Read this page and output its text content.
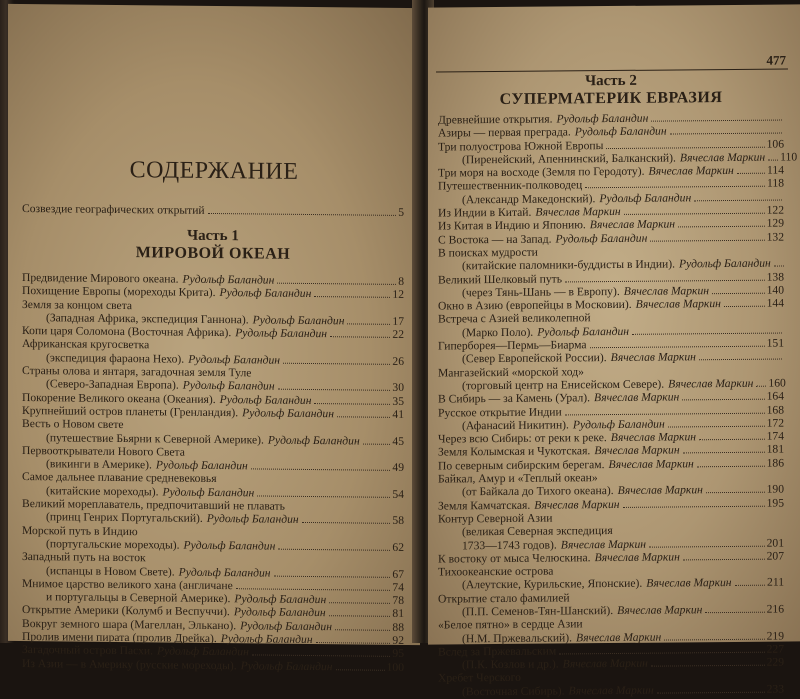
СОДЕРЖАНИЕ
Созвездие географических открытий	5
Часть 1
МИРОВОЙ ОКЕАН
Предвидение Мирового океана. Рудольф Баландин	8
Похищение Европы (мореходы Крита). Рудольф Баландин	12
Земля за концом света
(Западная Африка, экспедиция Ганнона). Рудольф Баландин	17
Копи царя Соломона (Восточная Африка). Рудольф Баландин	22
Африканская кругосветка
(экспедиция фараона Нехо). Рудольф Баландин	26
Страны олова и янтаря, загадочная земля Туле
(Северо-Западная Европа). Рудольф Баландин	30
Покорение Великого океана (Океания). Рудольф Баландин	35
Крупнейший остров планеты (Гренландия). Рудольф Баландин	41
Весть о Новом свете
(путешествие Бьярни к Северной Америке). Рудольф Баландин	45
Первооткрыватели Нового Света
(викинги в Америке). Рудольф Баландин	49
Самое дальнее плавание средневековья
(китайские мореходы). Рудольф Баландин	54
Великий мореплаватель, предпочитавший не плавать
(принц Генрих Португальский). Рудольф Баландин	58
Морской путь в Индию
(португальские мореходы). Рудольф Баландин	62
Западный путь на восток
(испанцы в Новом Свете). Рудольф Баландин	67
Мнимое царство великого хана (англичане	74
и португальцы в Северной Америке). Рудольф Баландин	78
Открытие Америки (Колумб и Веспуччи). Рудольф Баландин	81
Вокруг земного шара (Магеллан, Элькано). Рудольф Баландин	88
Пролив имени пирата (пролив Дрейка). Рудольф Баландин	92
Загадочный остров Пасхи. Рудольф Баландин	95
Из Азии — в Америку (русские мореходы). Рудольф Баландин	100
477
Часть 2
СУПЕРМАТЕРИК ЕВРАЗИЯ
Древнейшие открытия. Рудольф Баландин
Азиры — первая преграда. Рудольф Баландин
Три полуострова Южной Европы	106
(Пиренейский, Апеннинский, Балканский). Вячеслав Маркин 110
Три моря на восходе (Земля по Геродоту). Вячеслав Маркин	114
Путешественник-полководец	118
(Александр Македонский). Рудольф Баландин
Из Индии в Китай. Вячеслав Маркин	122
Из Китая в Индию и Японию. Вячеслав Маркин	129
С Востока — на Запад. Рудольф Баландин	132
В поисках мудрости
(китайские паломники-буддисты в Индии). Рудольф Баландин
Великий Шелковый путь	138
(через Тянь-Шань — в Европу). Вячеслав Маркин	140
Окно в Азию (европейцы в Московии). Вячеслав Маркин	144
Встреча с Азией великолепной
(Марко Поло). Рудольф Баландин
Гиперборея—Пермь—Биарма	151
(Север Европейской России). Вячеслав Маркин
Мангазейский «морской ход»
(торговый центр на Енисейском Севере). Вячеслав Маркин 160
В Сибирь — за Камень (Урал). Вячеслав Маркин	164
Русское открытие Индии	168
(Афанасий Никитин). Рудольф Баландин	172
Через всю Сибирь: от реки к реке. Вячеслав Маркин	174
Земля Колымская и Чукотская. Вячеслав Маркин	181
По северным сибирским берегам. Вячеслав Маркин	186
Байкал, Амур и «Теплый океан»
(от Байкала до Тихого океана). Вячеслав Маркин	190
Земля Камчатская. Вячеслав Маркин	195
Контур Северной Азии
(великая Северная экспедиция
1733—1743 годов). Вячеслав Маркин	201
К востоку от мыса Челюскина. Вячеслав Маркин	207
Тихоокеанские острова
(Алеутские, Курильские, Японские). Вячеслав Маркин	211
Открытие стало фамилией
(П.П. Семенов-Тян-Шанский). Вячеслав Маркин	216
«Белое пятно» в сердце Азии
(Н.М. Пржевальский). Вячеслав Маркин	219
Вслед за Пржевальским	227
(П.К. Козлов и др.). Вячеслав Маркин	229
Хребет Черского
(Восточная Сибирь). Вячеслав Маркин	233
